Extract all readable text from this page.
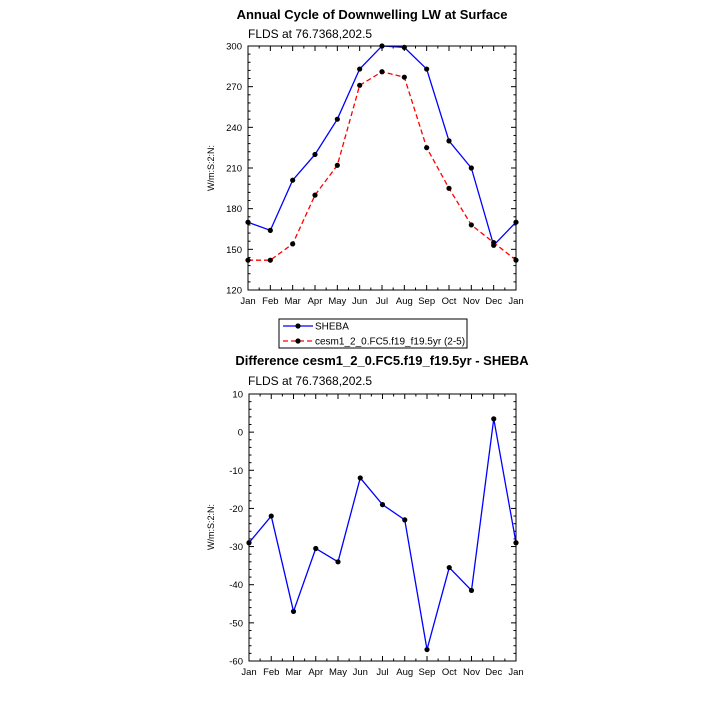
Annual Cycle of Downwelling LW at Surface
FLDS at 76.7368,202.5
W/m:S:2:N:
Jan Feb Mar Apr May Jun Jul Aug Sep Oct Nov Dec Jan
120
150
180
210
240
270
300
SHEBA
cesm1_2_0.FC5.f19_f19.5yr (2-5)
Difference cesm1_2_0.FC5.f19_f19.5yr - SHEBA
FLDS at 76.7368,202.5
W/m:S:2:N:
Jan Feb Mar Apr May Jun Jul Aug Sep Oct Nov Dec Jan
-60
-50
-40
-30
-20
-10
0
10
